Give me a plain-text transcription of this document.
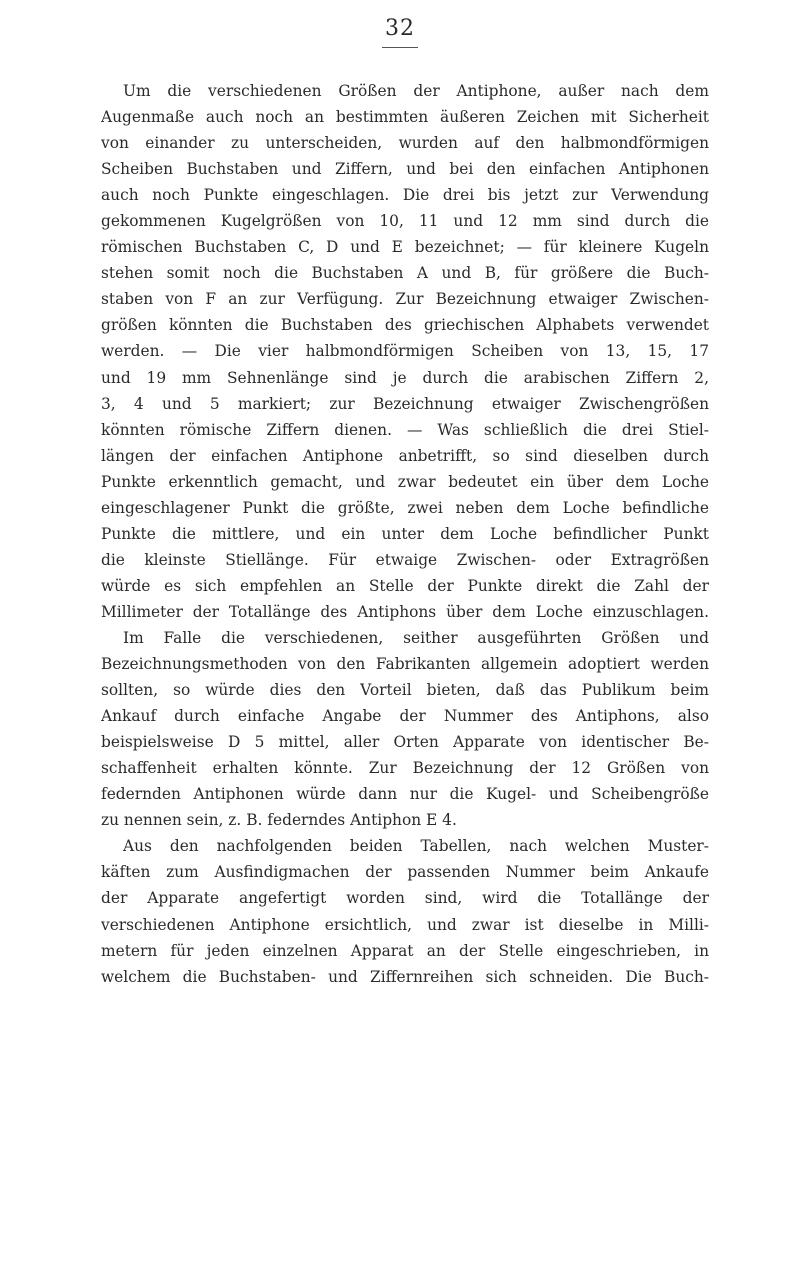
32
Um die verschiedenen Größen der Antiphone, außer nach dem
Augenmaße auch noch an bestimmten äußeren Zeichen mit Sicherheit
von einander zu unterscheiden, wurden auf den halbmondförmigen
Scheiben Buchstaben und Ziffern, und bei den einfachen Antiphonen
auch noch Punkte eingeschlagen. Die drei bis jetzt zur Verwendung
gekommenen Kugelgrößen von 10, 11 und 12 mm sind durch die
römischen Buchstaben C, D und E bezeichnet; — für kleinere Kugeln
stehen somit noch die Buchstaben A und B, für größere die Buch-
staben von F an zur Verfügung. Zur Bezeichnung etwaiger Zwischen-
größen könnten die Buchstaben des griechischen Alphabets verwendet
werden. — Die vier halbmondförmigen Scheiben von 13, 15, 17
und 19 mm Sehnenlänge sind je durch die arabischen Ziffern 2,
3, 4 und 5 markiert; zur Bezeichnung etwaiger Zwischengrößen
könnten römische Ziffern dienen. — Was schließlich die drei Stiel-
längen der einfachen Antiphone anbetrifft, so sind dieselben durch
Punkte erkenntlich gemacht, und zwar bedeutet ein über dem Loche
eingeschlagener Punkt die größte, zwei neben dem Loche befindliche
Punkte die mittlere, und ein unter dem Loche befindlicher Punkt
die kleinste Stiellänge. Für etwaige Zwischen- oder Extragrößen
würde es sich empfehlen an Stelle der Punkte direkt die Zahl der
Millimeter der Totallänge des Antiphons über dem Loche einzuschlagen.
Im Falle die verschiedenen, seither ausgeführten Größen und
Bezeichnungsmethoden von den Fabrikanten allgemein adoptiert werden
sollten, so würde dies den Vorteil bieten, daß das Publikum beim
Ankauf durch einfache Angabe der Nummer des Antiphons, also
beispielsweise D 5 mittel, aller Orten Apparate von identischer Be-
schaffenheit erhalten könnte. Zur Bezeichnung der 12 Größen von
federnden Antiphonen würde dann nur die Kugel- und Scheibengröße
zu nennen sein, z. B. federndes Antiphon E 4.
Aus den nachfolgenden beiden Tabellen, nach welchen Muster-
käften zum Ausfindigmachen der passenden Nummer beim Ankaufe
der Apparate angefertigt worden sind, wird die Totallänge der
verschiedenen Antiphone ersichtlich, und zwar ist dieselbe in Milli-
metern für jeden einzelnen Apparat an der Stelle eingeschrieben, in
welchem die Buchstaben- und Ziffernreihen sich schneiden. Die Buch-
